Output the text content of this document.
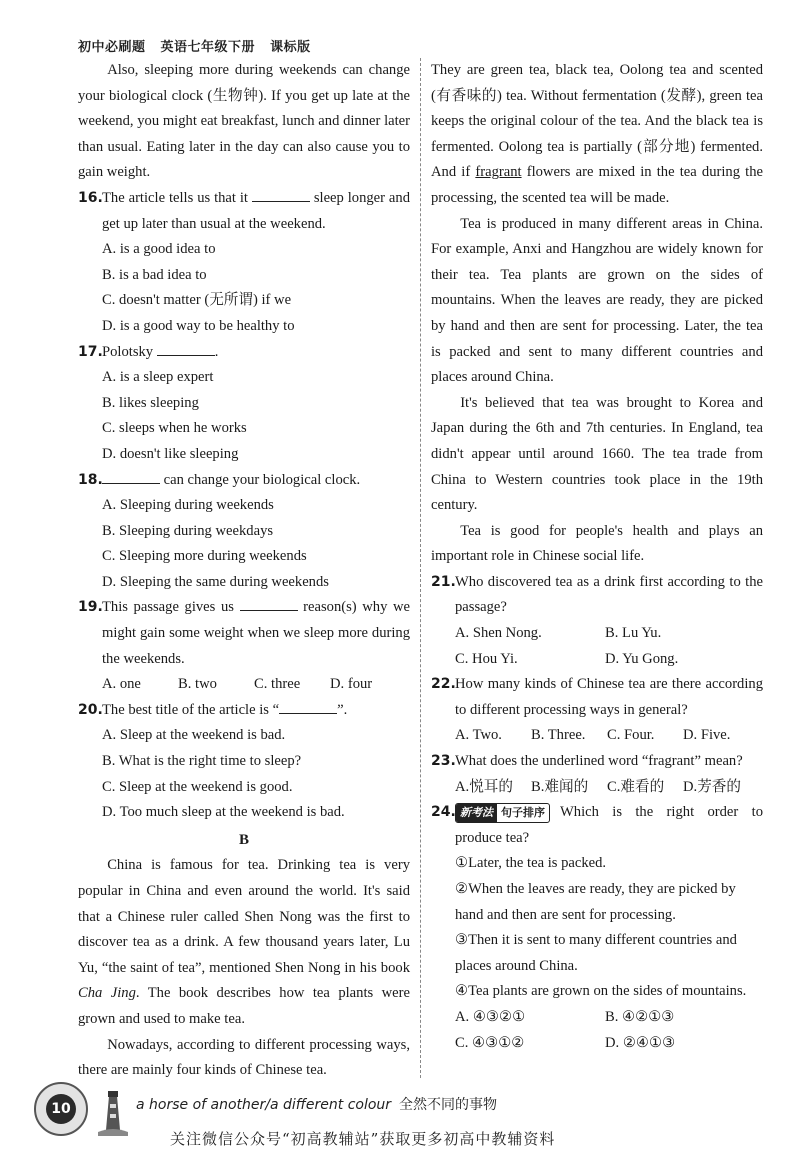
初中必刷题 英语七年级下册 课标版

Also, sleeping more during weekends can change your biological clock (生物钟). If you get up late at the weekend, you might eat breakfast, lunch and dinner later than usual. Eating later in the day can also cause you to gain weight.

16. The article tells us that it	sleep longer and get up later than usual at the weekend.
A. is a good idea to
B. is a bad idea to
C. doesn't matter (无所谓) if we
D. is a good way to be healthy to
17. Polotsky	.
A. is a sleep expert
B. likes sleeping
C. sleeps when he works
D. doesn't like sleeping
18.	can change your biological clock.
A. Sleeping during weekends
B. Sleeping during weekdays
C. Sleeping more during weekends
D. Sleeping the same during weekends
19. This passage gives us	reason(s) why we might gain some weight when we sleep more during the weekends.
A. one	B. two	C. three	D. four
20. The best title of the article is “	”.
A. Sleep at the weekend is bad.
B. What is the right time to sleep?
C. Sleep at the weekend is good.
D. Too much sleep at the weekend is bad.
B

China is famous for tea. Drinking tea is very popular in China and even around the world. It's said that a Chinese ruler called Shen Nong was the first to discover tea as a drink. A few thousand years later, Lu Yu, “the saint of tea”, mentioned Shen Nong in his book Cha Jing. The book describes how tea plants were grown and used to make tea.

Nowadays, according to different processing ways, there are mainly four kinds of Chinese tea.

They are green tea, black tea, Oolong tea and scented (有香味的) tea. Without fermentation (发酵), green tea keeps the original colour of the tea. And the black tea is fermented. Oolong tea is partially (部分地) fermented. And if fragrant flowers are mixed in the tea during the processing, the scented tea will be made.

Tea is produced in many different areas in China. For example, Anxi and Hangzhou are widely known for their tea. Tea plants are grown on the sides of mountains. When the leaves are ready, they are picked by hand and then are sent for processing. Later, the tea is packed and sent to many different countries and places around China.

It's believed that tea was brought to Korea and Japan during the 6th and 7th centuries. In England, tea didn't appear until around 1660. The tea trade from China to Western countries took place in the 19th century.

Tea is good for people's health and plays an important role in Chinese social life.

21. Who discovered tea as a drink first according to the passage?
A. Shen Nong.	B. Lu Yu.
C. Hou Yi.	D. Yu Gong.
22. How many kinds of Chinese tea are there according to different processing ways in general?
A. Two.	B. Three.	C. Four.	D. Five.
23. What does the underlined word “fragrant” mean?
A.悦耳的	B.难闻的	C.难看的	D.芳香的
24. 新考法 句子排序 Which is the right order to produce tea?
①Later, the tea is packed.
②When the leaves are ready, they are picked by hand and then are sent for processing.
③Then it is sent to many different countries and places around China.
④Tea plants are grown on the sides of mountains.
A. ④③②①	B. ④②①③
C. ④③①②	D. ②④①③
10	a horse of another/a different colour 全然不同的事物
关注微信公众号“初高教辅站”获取更多初高中教辅资料
